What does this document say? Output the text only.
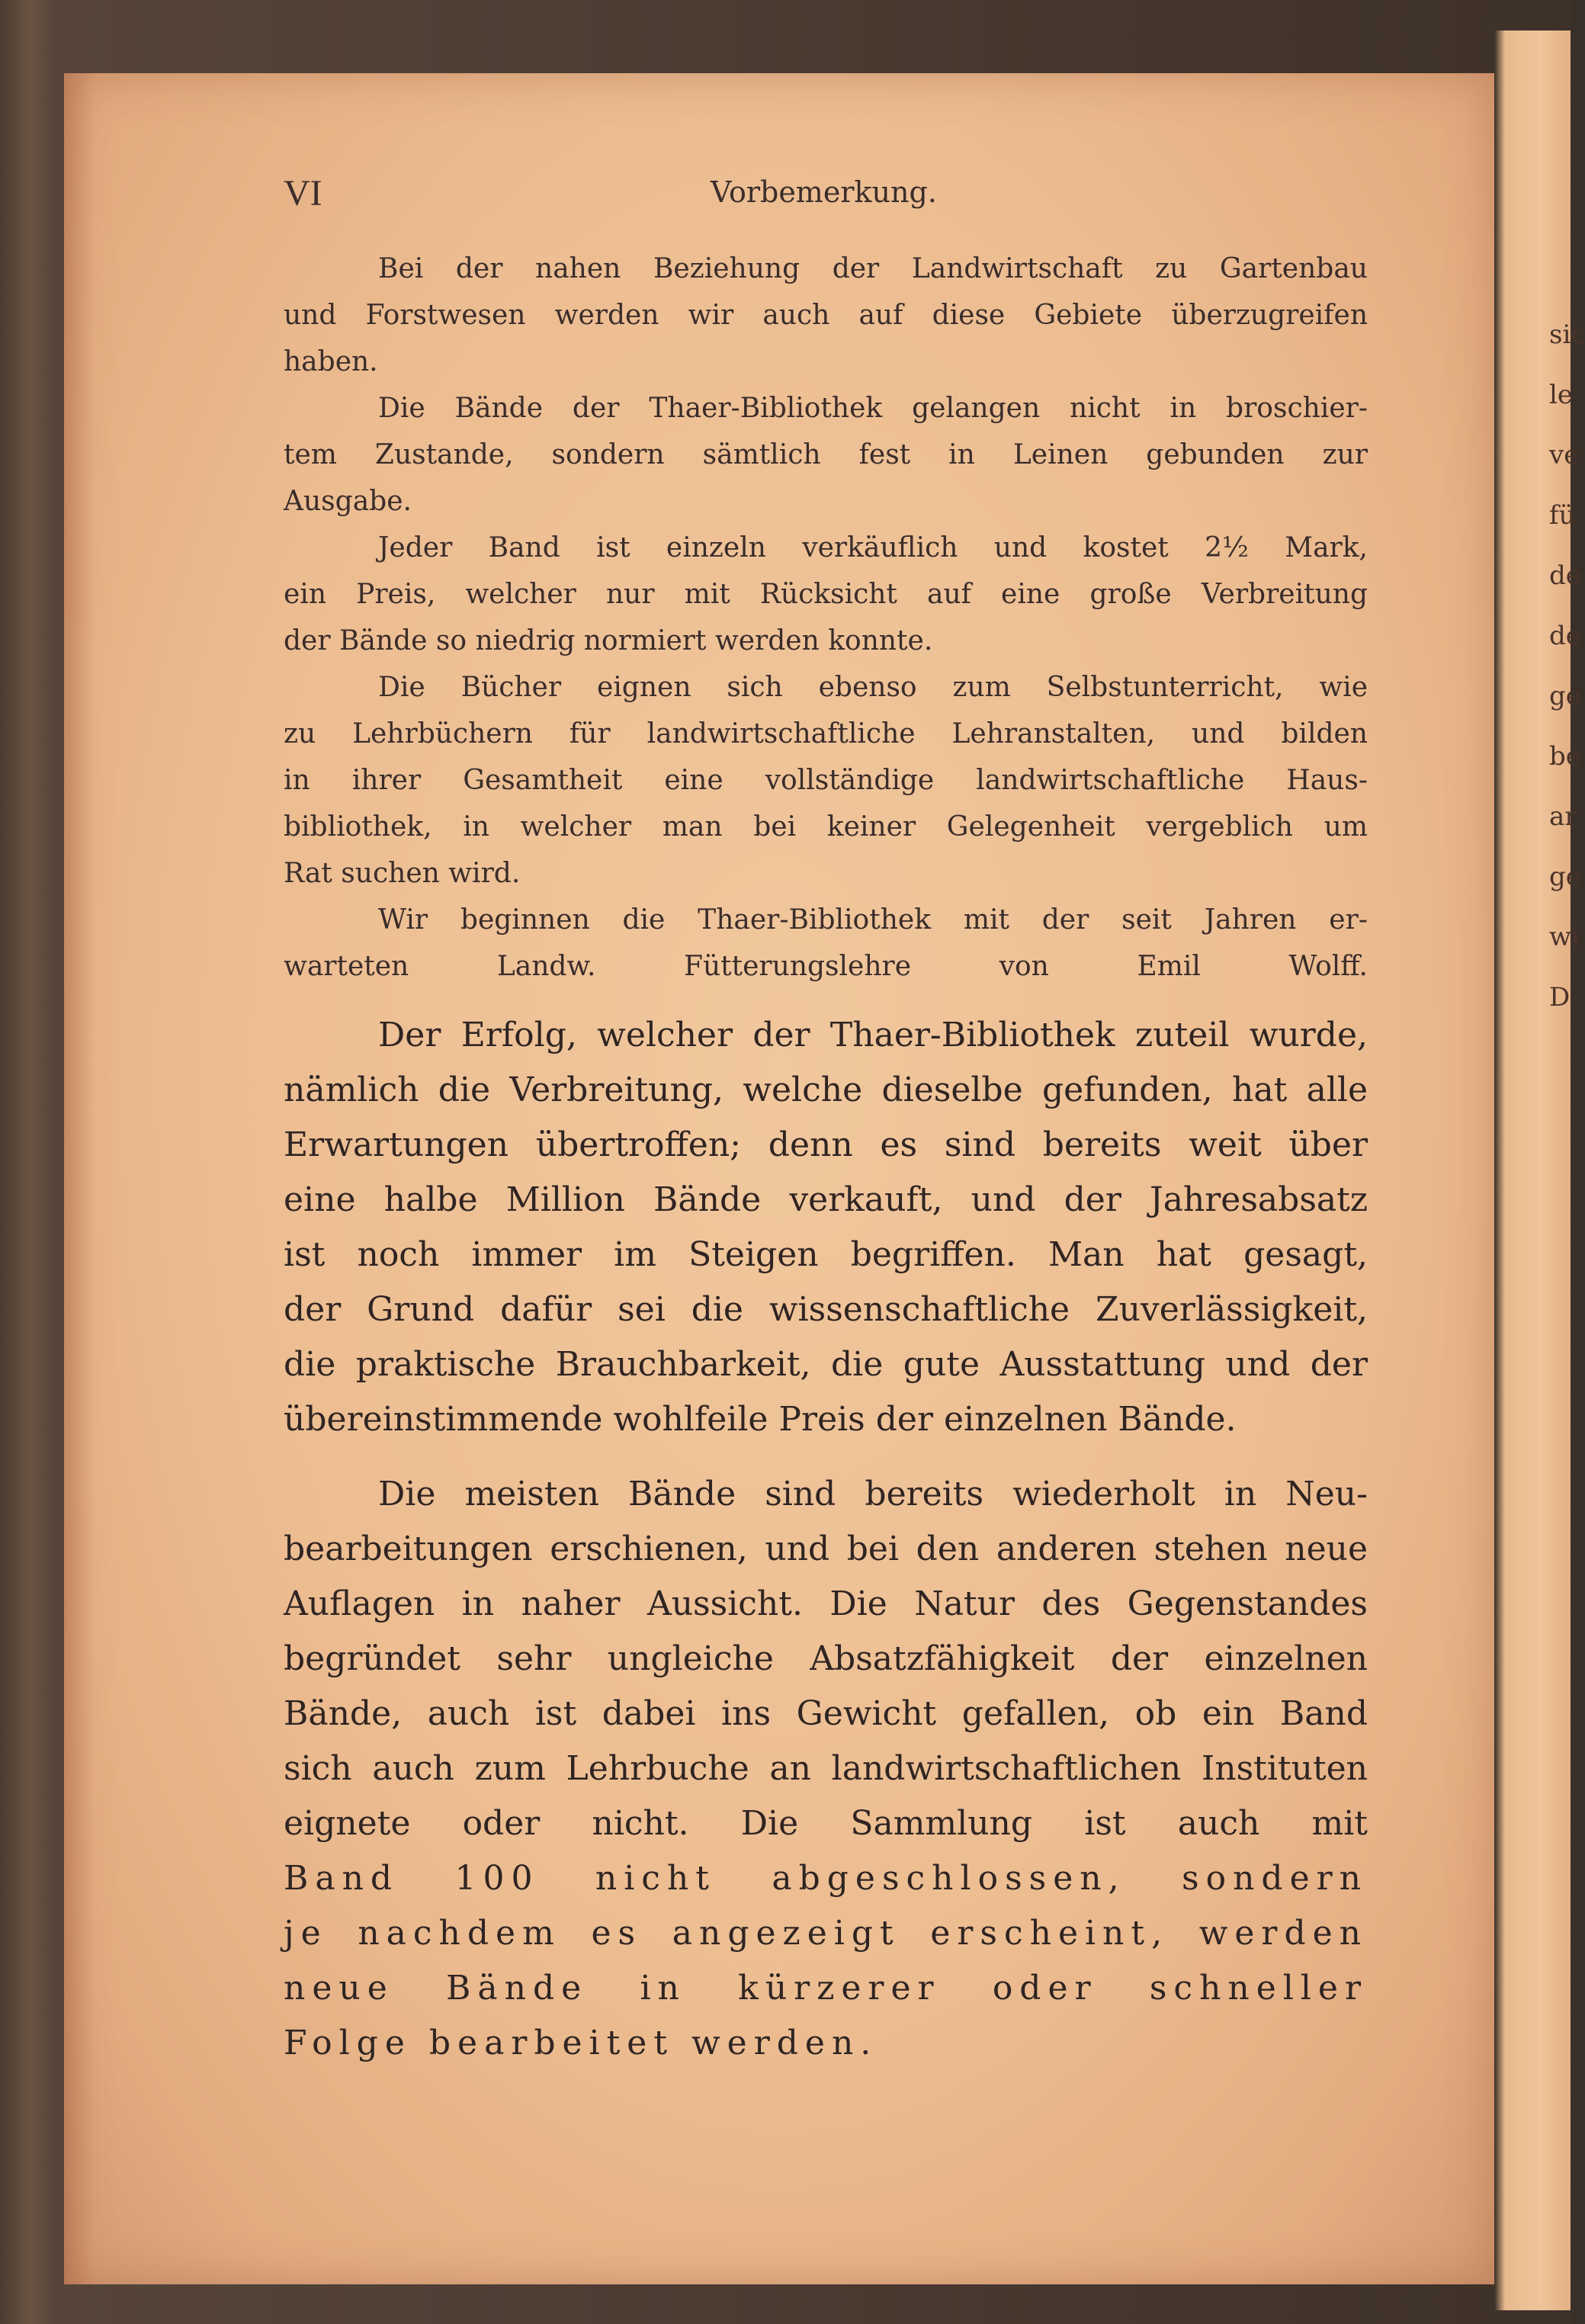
sic
le
ve
fü
de
de
ge
be
ar
ge
wi
D
VI	Vorbemerkung.
Bei der nahen Beziehung der Landwirtschaft zu Gartenbau
und Forstwesen werden wir auch auf diese Gebiete überzugreifen
haben.
Die Bände der Thaer-Bibliothek gelangen nicht in broschier-
tem Zustande, sondern sämtlich fest in Leinen gebunden zur
Ausgabe.
Jeder Band ist einzeln verkäuflich und kostet 2½ Mark,
ein Preis, welcher nur mit Rücksicht auf eine große Verbreitung
der Bände so niedrig normiert werden konnte.
Die Bücher eignen sich ebenso zum Selbstunterricht, wie
zu Lehrbüchern für landwirtschaftliche Lehranstalten, und bilden
in ihrer Gesamtheit eine vollständige landwirtschaftliche Haus-
bibliothek, in welcher man bei keiner Gelegenheit vergeblich um
Rat suchen wird.
Wir beginnen die Thaer-Bibliothek mit der seit Jahren er-
warteten Landw. Fütterungslehre von Emil Wolff.
Der Erfolg, welcher der Thaer-Bibliothek zuteil wurde,
nämlich die Verbreitung, welche dieselbe gefunden, hat alle
Erwartungen übertroffen; denn es sind bereits weit über
eine halbe Million Bände verkauft, und der Jahresabsatz
ist noch immer im Steigen begriffen. Man hat gesagt,
der Grund dafür sei die wissenschaftliche Zuverlässigkeit,
die praktische Brauchbarkeit, die gute Ausstattung und der
übereinstimmende wohlfeile Preis der einzelnen Bände.
Die meisten Bände sind bereits wiederholt in Neu-
bearbeitungen erschienen, und bei den anderen stehen neue
Auflagen in naher Aussicht. Die Natur des Gegenstandes
begründet sehr ungleiche Absatzfähigkeit der einzelnen
Bände, auch ist dabei ins Gewicht gefallen, ob ein Band
sich auch zum Lehrbuche an landwirtschaftlichen Instituten
eignete oder nicht. Die Sammlung ist auch mit
Band 100 nicht abgeschlossen, sondern
je nachdem es angezeigt erscheint, werden
neue Bände in kürzerer oder schneller
Folge bearbeitet werden.
